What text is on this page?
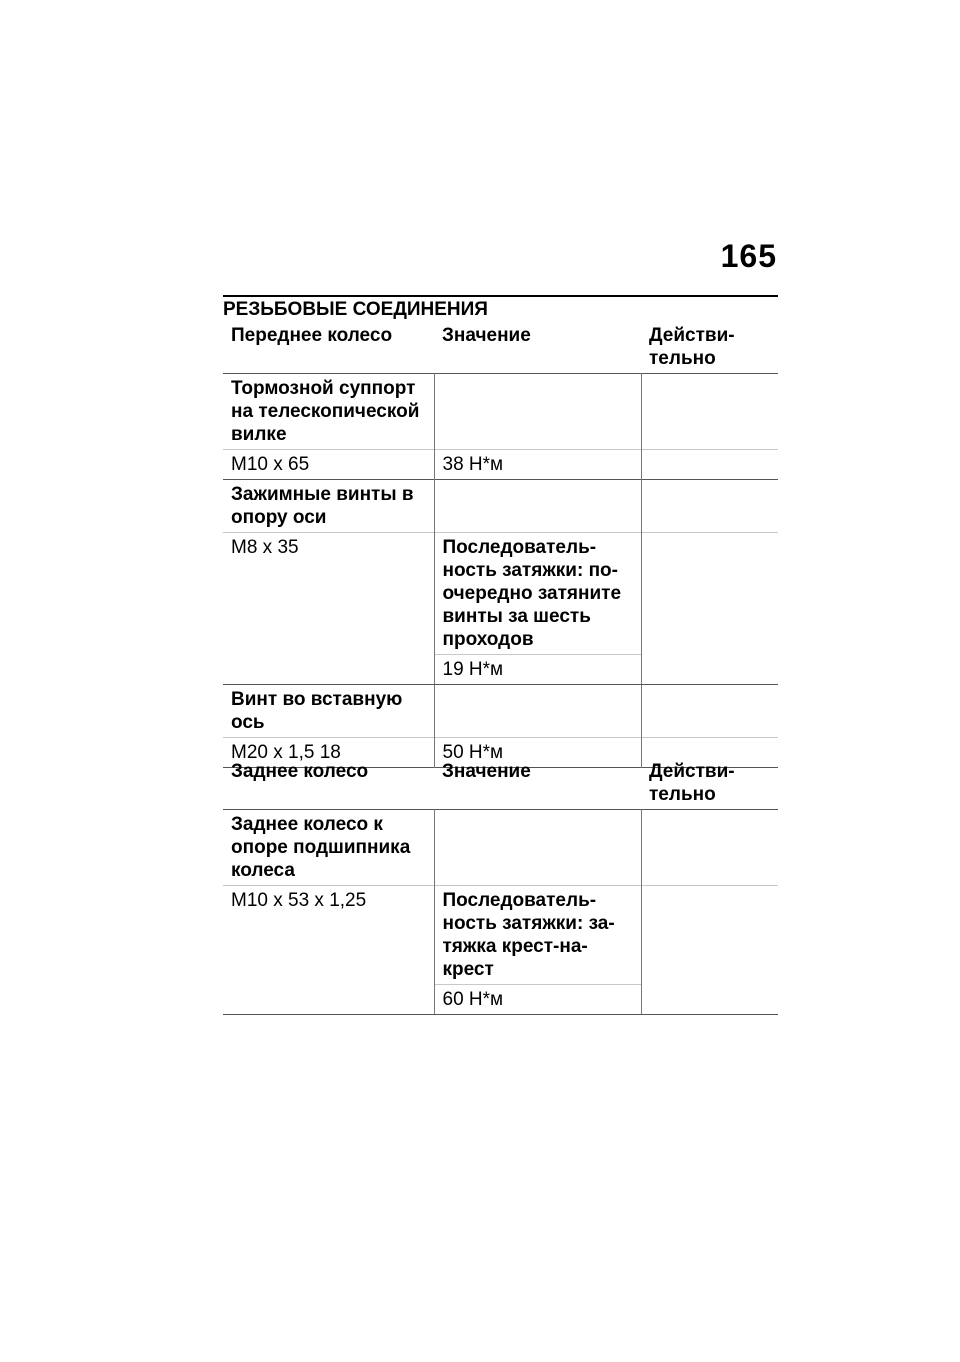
165
РЕЗЬБОВЫЕ СОЕДИНЕНИЯ
Переднее колесо	Значение	Действи-тельно
Тормозной суппорт на телескопической вилке		
M10 x 65	38 Н*м	
Зажимные винты в опору оси		
M8 x 35	Последователь-ность затяжки: по-очередно затяните винты за шесть проходов	
	19 Н*м	
Винт во вставную ось		
M20 x 1,5 18	50 Н*м	
Заднее колесо	Значение	Действи-тельно
Заднее колесо к опоре подшипника колеса		
M10 x 53 x 1,25	Последователь-ность затяжки: за-тяжка крест-на-крест	
	60 Н*м	
